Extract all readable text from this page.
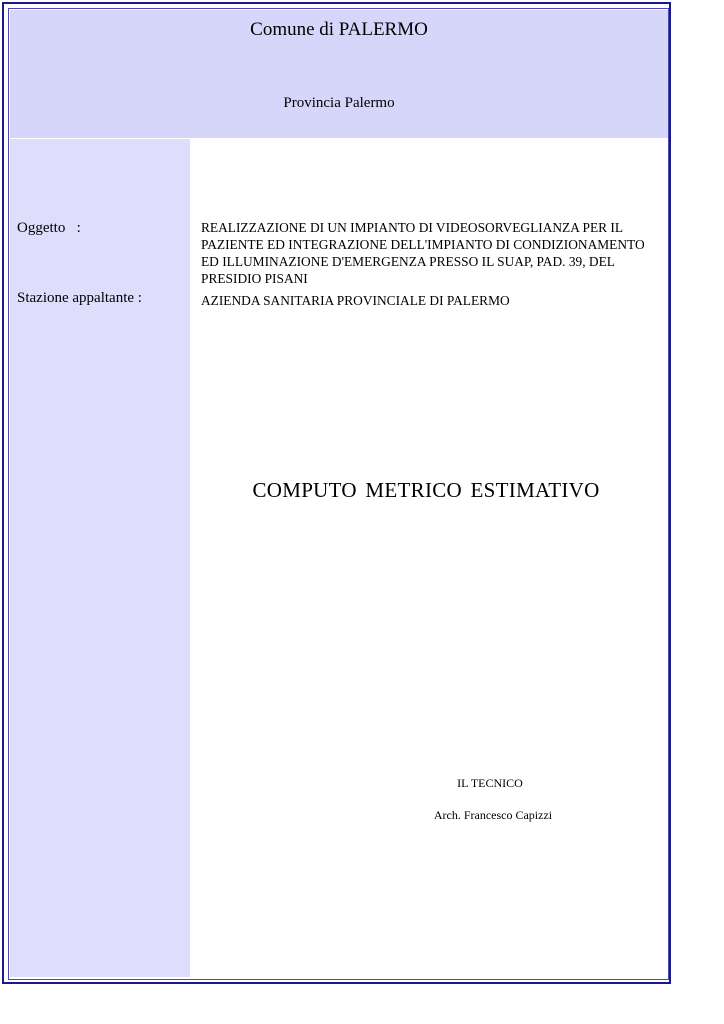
Comune di PALERMO
Provincia Palermo
Oggetto   :	REALIZZAZIONE DI UN IMPIANTO DI VIDEOSORVEGLIANZA PER IL PAZIENTE ED INTEGRAZIONE DELL'IMPIANTO DI CONDIZIONAMENTO ED ILLUMINAZIONE D'EMERGENZA PRESSO IL SUAP, PAD. 39, DEL PRESIDIO PISANI
Stazione appaltante :	AZIENDA SANITARIA PROVINCIALE DI PALERMO
COMPUTO METRICO ESTIMATIVO
IL TECNICO
Arch. Francesco Capizzi
